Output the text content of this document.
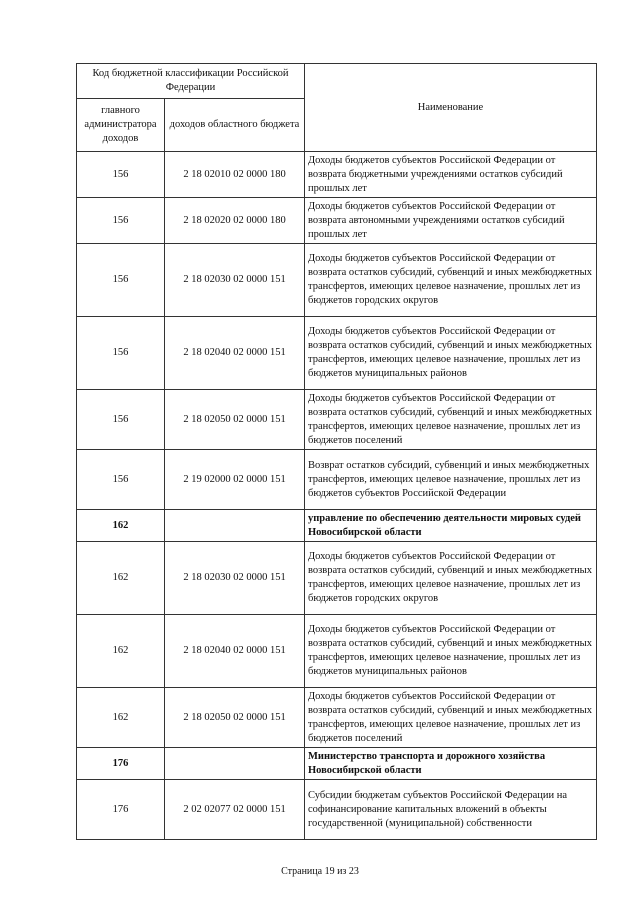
Код бюджетной классификации Российской Федерации		Наименование
главного администратора доходов	доходов областного бюджета	
156	2 18 02010 02 0000 180	Доходы бюджетов субъектов Российской Федерации от возврата бюджетными учреждениями остатков субсидий прошлых лет
156	2 18 02020 02 0000 180	Доходы бюджетов субъектов Российской Федерации от возврата автономными учреждениями остатков субсидий прошлых лет
156	2 18 02030 02 0000 151	Доходы бюджетов субъектов Российской Федерации от возврата остатков субсидий, субвенций и иных межбюджетных трансфертов, имеющих целевое назначение, прошлых лет из бюджетов городских округов
156	2 18 02040 02 0000 151	Доходы бюджетов субъектов Российской Федерации от возврата остатков субсидий, субвенций и иных межбюджетных трансфертов, имеющих целевое назначение, прошлых лет из бюджетов муниципальных районов
156	2 18 02050 02 0000 151	Доходы бюджетов субъектов Российской Федерации от возврата остатков субсидий, субвенций и иных межбюджетных трансфертов, имеющих целевое назначение, прошлых лет из бюджетов поселений
156	2 19 02000 02 0000 151	Возврат остатков субсидий, субвенций и иных межбюджетных трансфертов, имеющих целевое назначение, прошлых лет из бюджетов субъектов Российской Федерации
162		управление по обеспечению деятельности мировых судей Новосибирской области
162	2 18 02030 02 0000 151	Доходы бюджетов субъектов Российской Федерации от возврата остатков субсидий, субвенций и иных межбюджетных трансфертов, имеющих целевое назначение, прошлых лет из бюджетов городских округов
162	2 18 02040 02 0000 151	Доходы бюджетов субъектов Российской Федерации от возврата остатков субсидий, субвенций и иных межбюджетных трансфертов, имеющих целевое назначение, прошлых лет из бюджетов муниципальных районов
162	2 18 02050 02 0000 151	Доходы бюджетов субъектов Российской Федерации от возврата остатков субсидий, субвенций и иных межбюджетных трансфертов, имеющих целевое назначение, прошлых лет из бюджетов поселений
176		Министерство транспорта и дорожного хозяйства Новосибирской области
176	2 02 02077 02 0000 151	Субсидии бюджетам субъектов Российской Федерации на софинансирование капитальных вложений в объекты государственной (муниципальной) собственности
Страница 19 из 23
